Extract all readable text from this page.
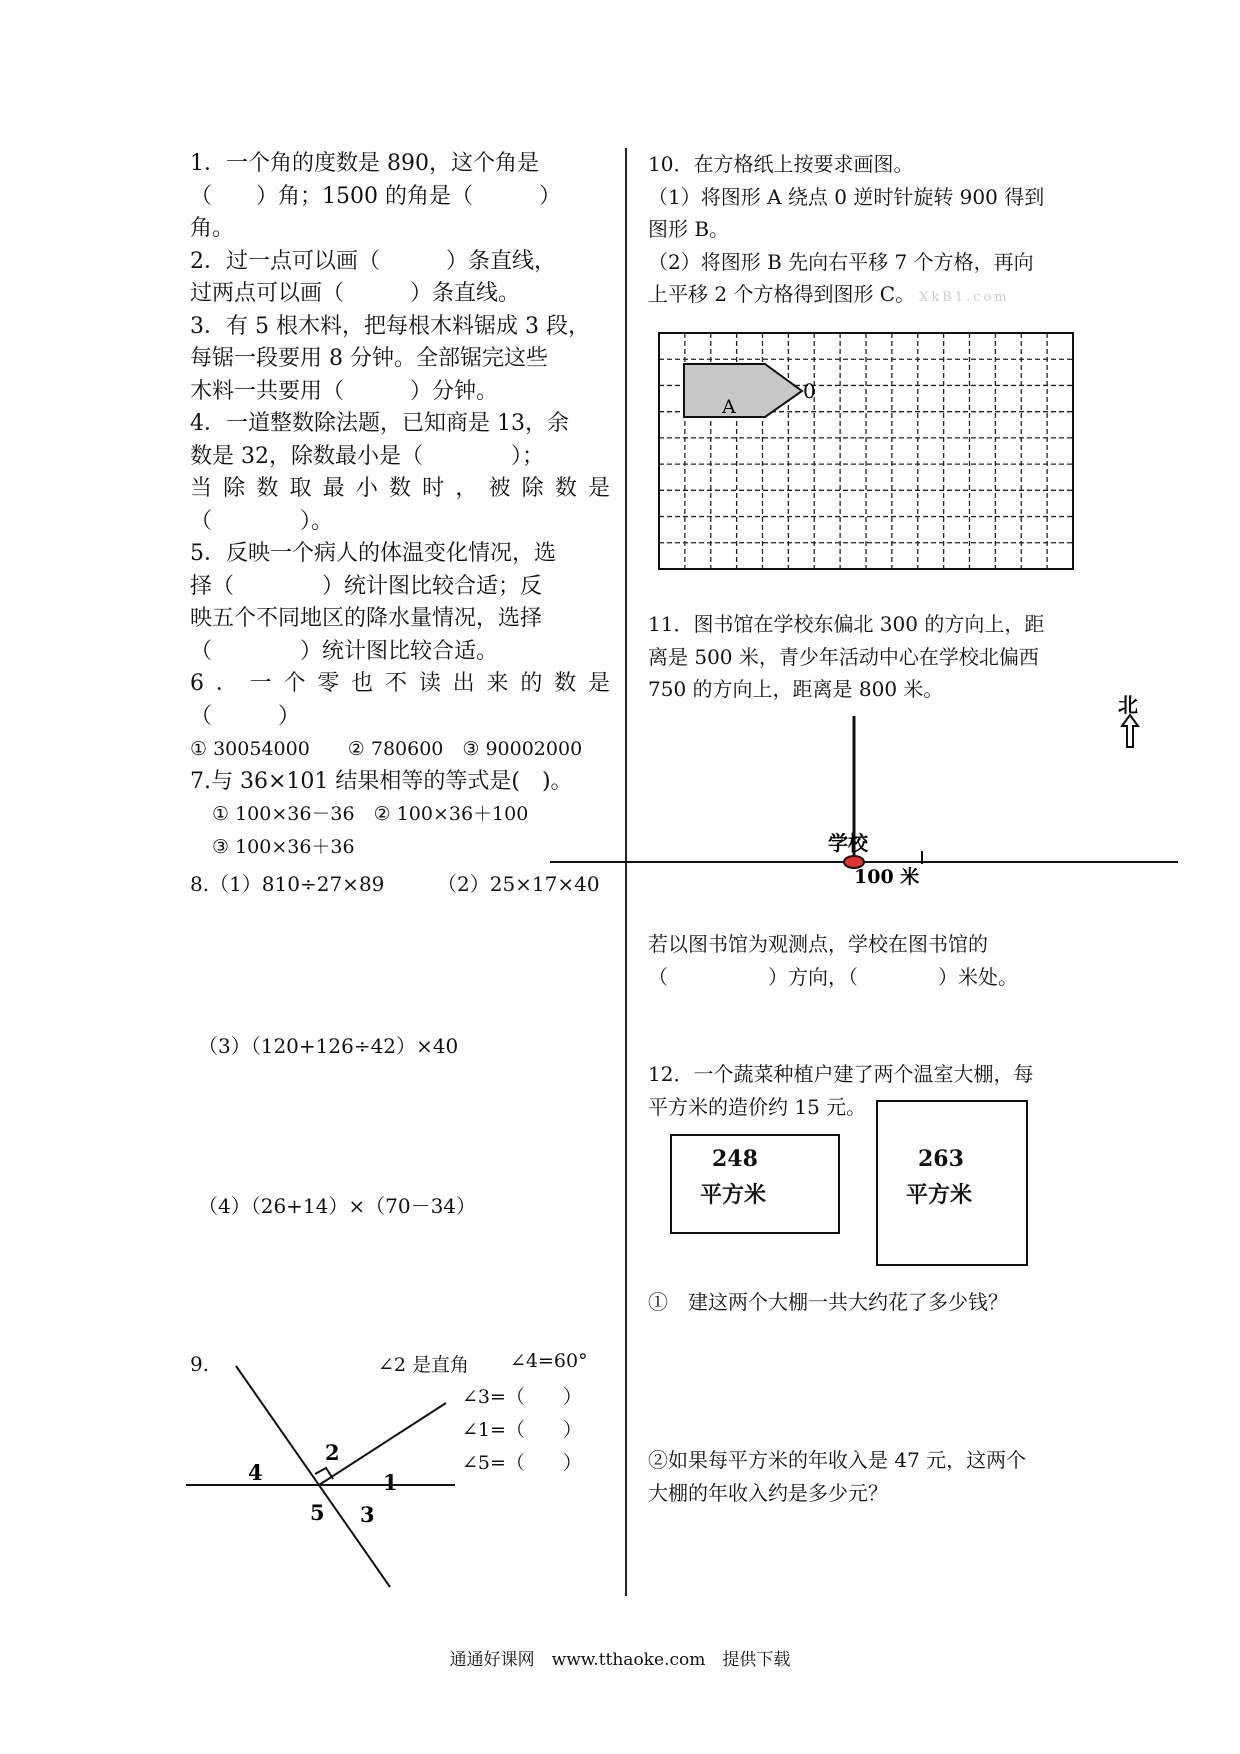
1．一个角的度数是 890，这个角是

（　　）角；1500 的角是（　　　）

角。

2．过一点可以画（　　　）条直线，

过两点可以画（　　　）条直线。

3．有 5 根木料，把每根木料锯成 3 段，

每锯一段要用 8 分钟。全部锯完这些

木料一共要用（　　　）分钟。

4．一道整数除法题，已知商是 13，余

数是 32，除数最小是（　　　　）；

当除数取最小数时，被除数是

（　　　　）。

5．反映一个病人的体温变化情况，选

择（　　　　）统计图比较合适；反

映五个不同地区的降水量情况，选择

（　　　　）统计图比较合适。

6．一个零也不读出来的数是

（　　　）

① 30054000　　② 780600　③ 90002000

7.与 36×101 结果相等的等式是(　)。

① 100×36－36　② 100×36＋100

③ 100×36＋36

8.（1）810÷27×89	（2）25×17×40
（3）（120+126÷42）×40
（4）（26+14）×（70－34）
9.	∠2 是直角 ∠4=60°
∠3=（　　）
∠1=（　　）
∠5=（　　）
1
2
3
4
5

10．在方格纸上按要求画图。

（1）将图形 A 绕点 0 逆时针旋转 900 得到

图形 B。

（2）将图形 B 先向右平移 7 个方格，再向

上平移 2 个方格得到图形 C。 XkB1.com

A
0

11．图书馆在学校东偏北 300 的方向上，距

离是 500 米，青少年活动中心在学校北偏西

750 的方向上，距离是 800 米。

学校
100 米
北

若以图书馆为观测点，学校在图书馆的

（　　　　　）方向，（　　　　）米处。

12．一个蔬菜种植户建了两个温室大棚，每

平方米的造价约 15 元。

248
平方米
263
平方米
①　建这两个大棚一共大约花了多少钱？

②如果每平方米的年收入是 47 元，这两个

大棚的年收入约是多少元？

通通好课网　www.tthaoke.com　提供下载
